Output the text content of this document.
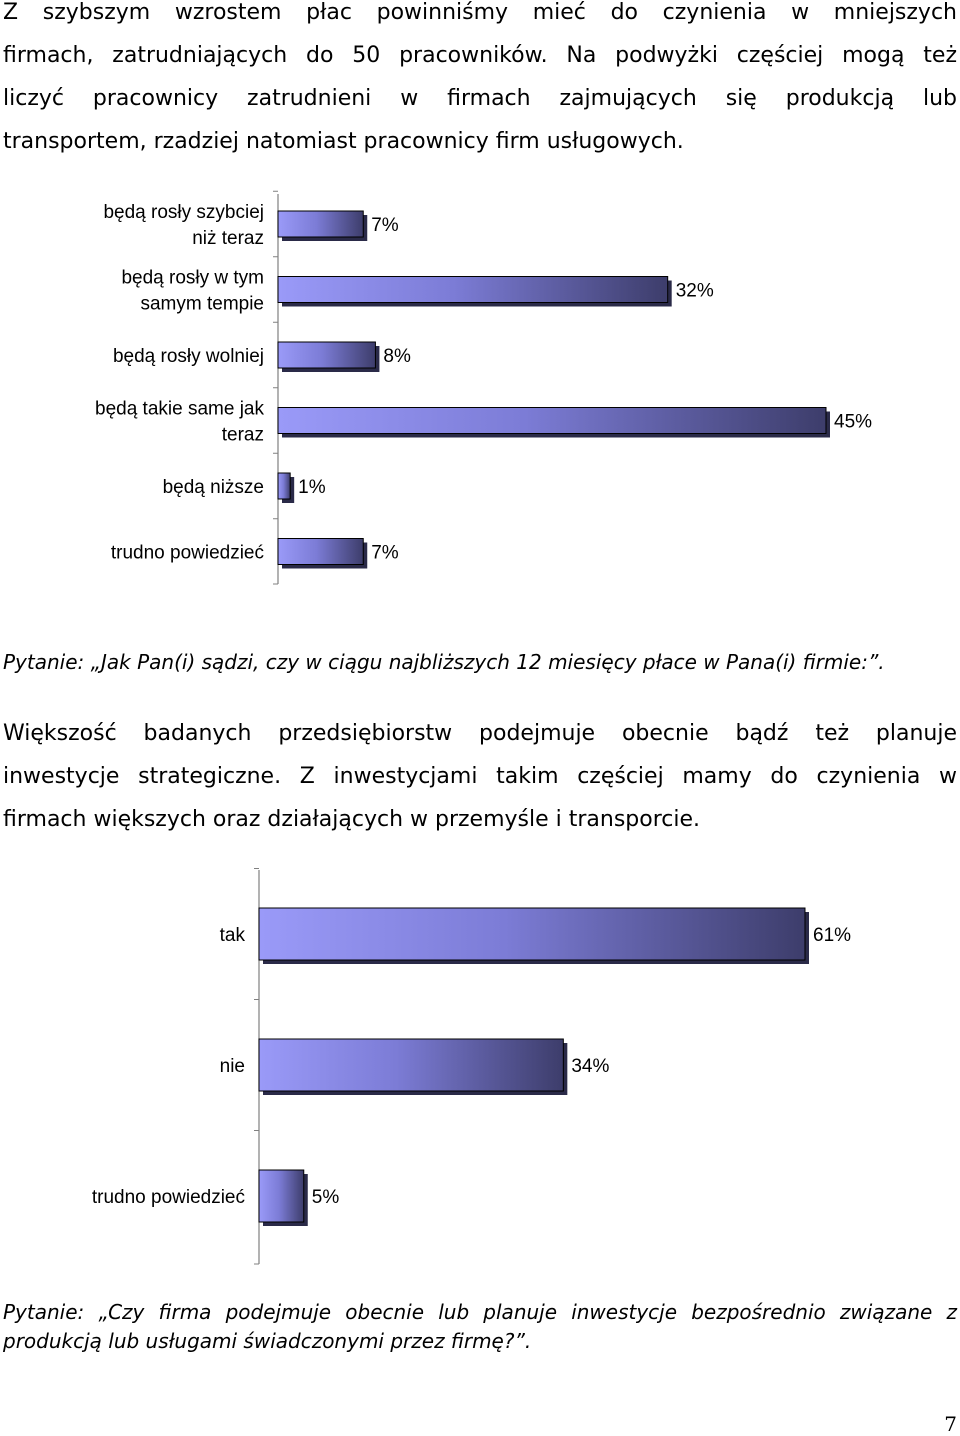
Z szybszym wzrostem płac powinniśmy mieć do czynienia w mniejszych
firmach, zatrudniających do 50 pracowników. Na podwyżki częściej mogą też
liczyć pracownicy zatrudnieni w firmach zajmujących się produkcją lub
transportem, rzadziej natomiast pracownicy firm usługowych.
7%
będą rosły szybciej
niż teraz
32%
będą rosły w tym
samym tempie
8%
będą rosły wolniej
45%
będą takie same jak
teraz
1%
będą niższe
7%
trudno powiedzieć

Pytanie: „Jak Pan(i) sądzi, czy w ciągu najbliższych 12 miesięcy płace w Pana(i) firmie:”.

Większość badanych przedsiębiorstw podejmuje obecnie bądź też planuje
inwestycje strategiczne. Z inwestycjami takim częściej mamy do czynienia w
firmach większych oraz działających w przemyśle i transporcie.
61%
tak
34%
nie
5%
trudno powiedzieć

Pytanie: „Czy firma podejmuje obecnie lub planuje inwestycje bezpośrednio związane z produkcją lub usługami świadczonymi przez firmę?”.

7
